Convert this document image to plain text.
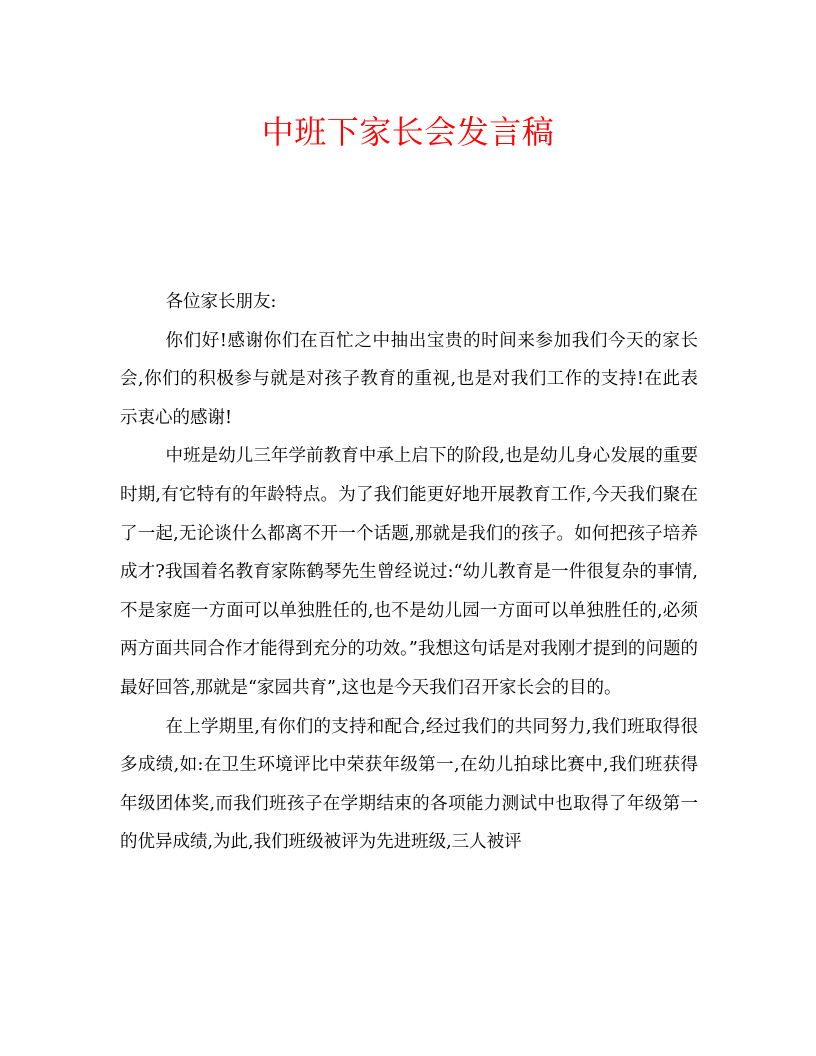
中班下家长会发言稿

各位家长朋友:

你们好!感谢你们在百忙之中抽出宝贵的时间来参加我们今天的家长会,你们的积极参与就是对孩子教育的重视,也是对我们工作的支持!在此表示衷心的感谢!

中班是幼儿三年学前教育中承上启下的阶段,也是幼儿身心发展的重要时期,有它特有的年龄特点。为了我们能更好地开展教育工作,今天我们聚在了一起,无论谈什么都离不开一个话题,那就是我们的孩子。如何把孩子培养成才?我国着名教育家陈鹤琴先生曾经说过:“幼儿教育是一件很复杂的事情,不是家庭一方面可以单独胜任的,也不是幼儿园一方面可以单独胜任的,必须两方面共同合作才能得到充分的功效。”我想这句话是对我刚才提到的问题的最好回答,那就是“家园共育”,这也是今天我们召开家长会的目的。

在上学期里,有你们的支持和配合,经过我们的共同努力,我们班取得很多成绩,如:在卫生环境评比中荣获年级第一,在幼儿拍球比赛中,我们班获得年级团体奖,而我们班孩子在学期结束的各项能力测试中也取得了年级第一的优异成绩,为此,我们班级被评为先进班级,三人被评
